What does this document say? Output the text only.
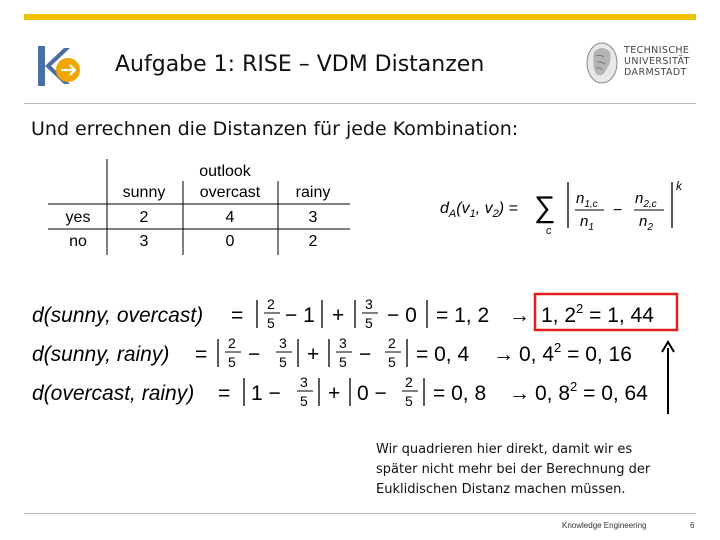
Aufgabe 1: RISE – VDM Distanzen
TECHNISCHE
UNIVERSITÄT
DARMSTADT
Und errechnen die Distanzen für jede Kombination:
outlook
sunny overcast rainy
yes	2	4	3
no	3	0	2
$d_A(v_1$, $v_2$) = ∑
c
$n_{1,c}$
$n_1$
−
$n_{2,c}$
$n_2$
k
d(sunny, overcast) = 2
5 − 1 + 3
5 − 0 = 1, 2 → 1, $2^2 = 1$, 44
d(sunny, rainy) = 2
5 − 3
5 + 3
5 − 2
5 = 0, 4 → 0, $4^2 = 0$, 16
d(overcast, rainy) = 1 − 3
5 + 0 − 2
5 = 0, 8 → 0, $8^2 = 0$, 64
Wir quadrieren hier direkt, damit wir es
später nicht mehr bei der Berechnung der
Euklidischen Distanz machen müssen.
Knowledge Engineering	6
